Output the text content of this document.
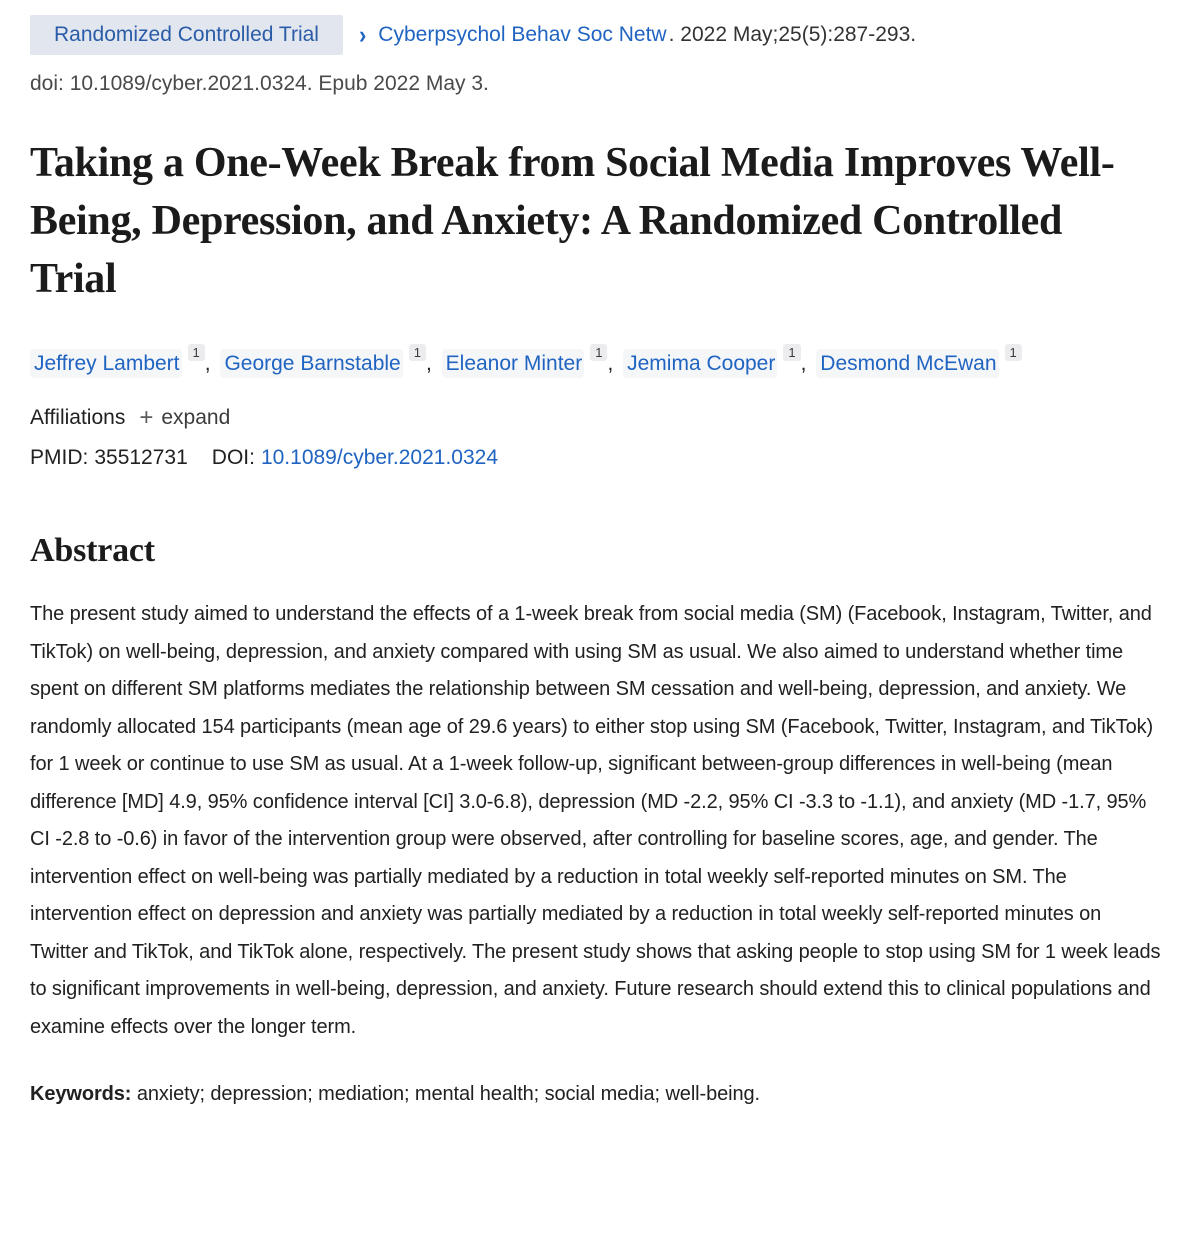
Randomized Controlled Trial	› Cyberpsychol Behav Soc Netw . 2022 May;25(5):287-293.
doi: 10.1089/cyber.2021.0324. Epub 2022 May 3.
Taking a One-Week Break from Social Media Improves Well-Being, Depression, and Anxiety: A Randomized Controlled Trial
Jeffrey Lambert 1 , George Barnstable 1 , Eleanor Minter 1 , Jemima Cooper 1 , Desmond McEwan 1
Affiliations + expand
PMID: 35512731 DOI: 10.1089/cyber.2021.0324
Abstract

The present study aimed to understand the effects of a 1-week break from social media (SM) (Facebook, Instagram, Twitter, and TikTok) on well-being, depression, and anxiety compared with using SM as usual. We also aimed to understand whether time spent on different SM platforms mediates the relationship between SM cessation and well-being, depression, and anxiety. We randomly allocated 154 participants (mean age of 29.6 years) to either stop using SM (Facebook, Twitter, Instagram, and TikTok) for 1 week or continue to use SM as usual. At a 1-week follow-up, significant between-group differences in well-being (mean difference [MD] 4.9, 95% confidence interval [CI] 3.0-6.8), depression (MD -2.2, 95% CI -3.3 to -1.1), and anxiety (MD -1.7, 95% CI -2.8 to -0.6) in favor of the intervention group were observed, after controlling for baseline scores, age, and gender. The intervention effect on well-being was partially mediated by a reduction in total weekly self-reported minutes on SM. The intervention effect on depression and anxiety was partially mediated by a reduction in total weekly self-reported minutes on Twitter and TikTok, and TikTok alone, respectively. The present study shows that asking people to stop using SM for 1 week leads to significant improvements in well-being, depression, and anxiety. Future research should extend this to clinical populations and examine effects over the longer term.

Keywords: anxiety; depression; mediation; mental health; social media; well-being.
